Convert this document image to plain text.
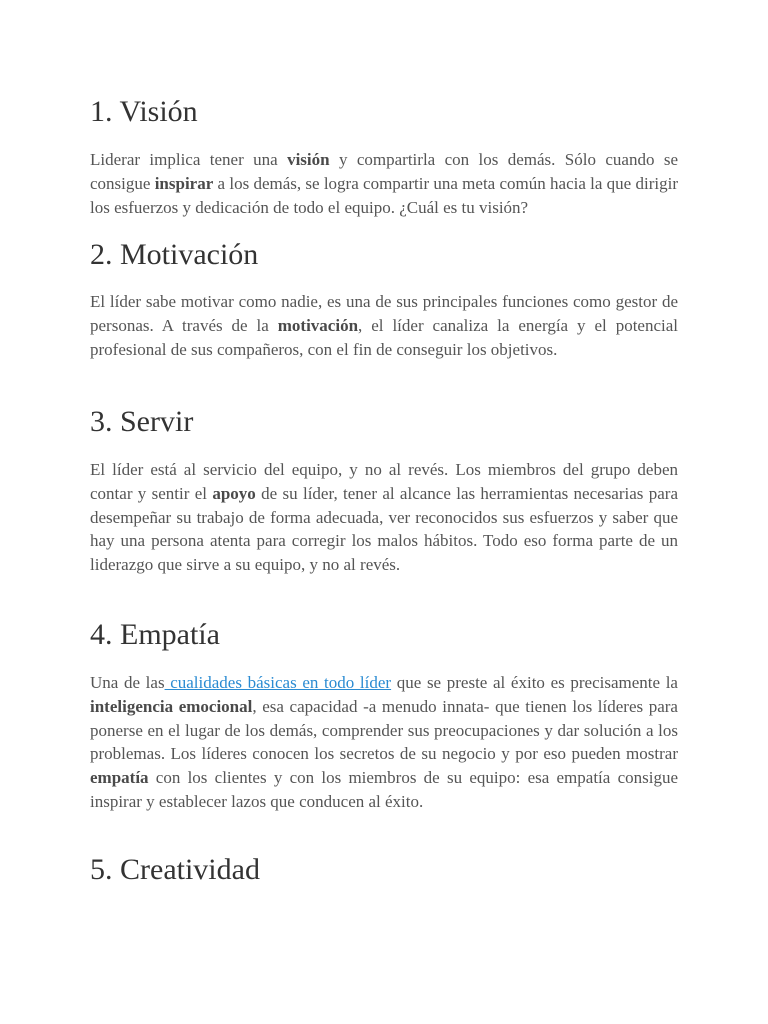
1. Visión

Liderar implica tener una visión y compartirla con los demás. Sólo cuando se consigue inspirar a los demás, se logra compartir una meta común hacia la que dirigir los esfuerzos y dedicación de todo el equipo. ¿Cuál es tu visión?

2. Motivación

El líder sabe motivar como nadie, es una de sus principales funciones como gestor de personas. A través de la motivación, el líder canaliza la energía y el potencial profesional de sus compañeros, con el fin de conseguir los objetivos.

3. Servir

El líder está al servicio del equipo, y no al revés. Los miembros del grupo deben contar y sentir el apoyo de su líder, tener al alcance las herramientas necesarias para desempeñar su trabajo de forma adecuada, ver reconocidos sus esfuerzos y saber que hay una persona atenta para corregir los malos hábitos. Todo eso forma parte de un liderazgo que sirve a su equipo, y no al revés.

4. Empatía

Una de las cualidades básicas en todo líder que se preste al éxito es precisamente la inteligencia emocional, esa capacidad -a menudo innata- que tienen los líderes para ponerse en el lugar de los demás, comprender sus preocupaciones y dar solución a los problemas. Los líderes conocen los secretos de su negocio y por eso pueden mostrar empatía con los clientes y con los miembros de su equipo: esa empatía consigue inspirar y establecer lazos que conducen al éxito.

5. Creatividad
